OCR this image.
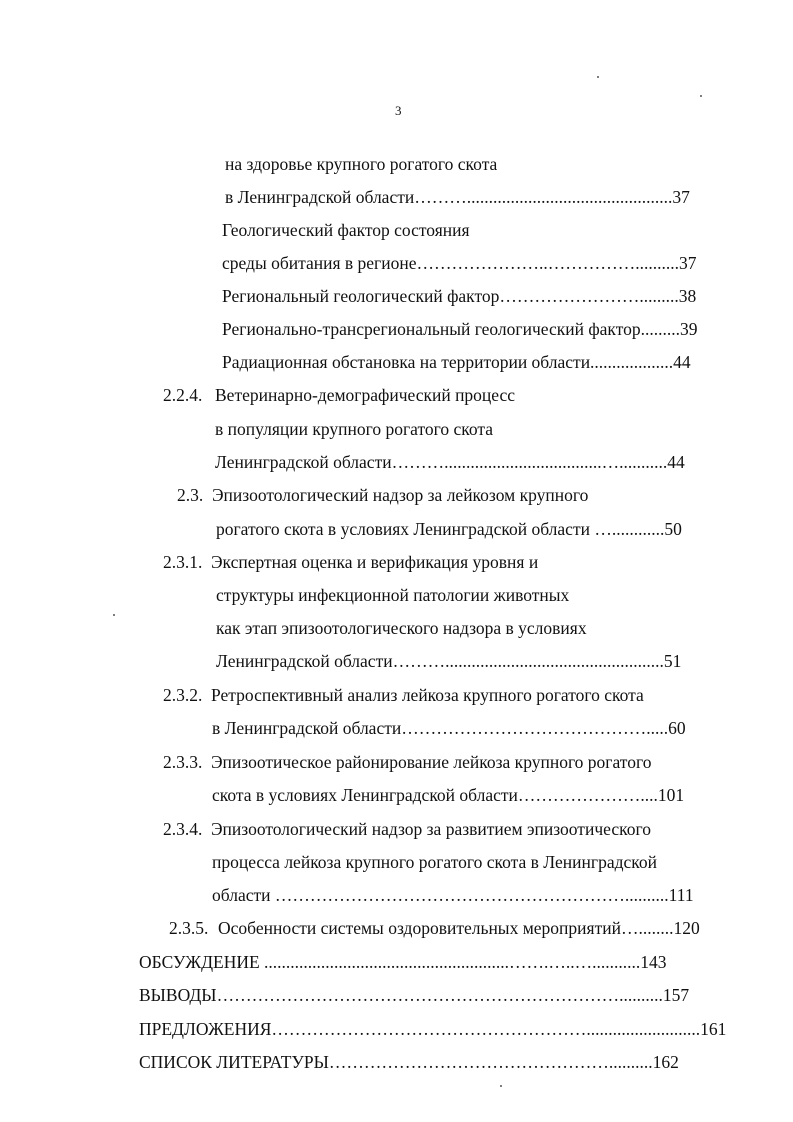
3
на здоровье крупного рогатого скота
в Ленинградской области………...............................................37
Геологический фактор состояния
среды обитания в регионе…………………..……………..........37
Региональный геологический фактор…………………….........38
Регионально-трансрегиональный геологический фактор.........39
Радиационная обстановка на территории области...................44
2.2.4. Ветеринарно-демографический процесс
в популяции крупного рогатого скота
Ленинградской области………....................................…...........44
2.3. Эпизоотологический надзор за лейкозом крупного
рогатого скота в условиях Ленинградской области …............50
2.3.1. Экспертная оценка и верификация уровня и
структуры инфекционной патологии животных
как этап эпизоотологического надзора в условиях
Ленинградской области………..................................................51
2.3.2. Ретроспективный анализ лейкоза крупного рогатого скота
в Ленинградской области…………………………………….....60
2.3.3. Эпизоотическое районирование лейкоза крупного рогатого
скота в условиях Ленинградской области…………………....101
2.3.4. Эпизоотологический надзор за развитием эпизоотического
процесса лейкоза крупного рогатого скота в Ленинградской
области ……………………………………………………..........111
2.3.5. Особенности системы оздоровительных мероприятий…........120
ОБСУЖДЕНИЕ ........................................................…….…..…...........143
ВЫВОДЫ……………………………………………………………..........157
ПРЕДЛОЖЕНИЯ………………………………………………..........................161
СПИСОК ЛИТЕРАТУРЫ…………………………………………..........162
